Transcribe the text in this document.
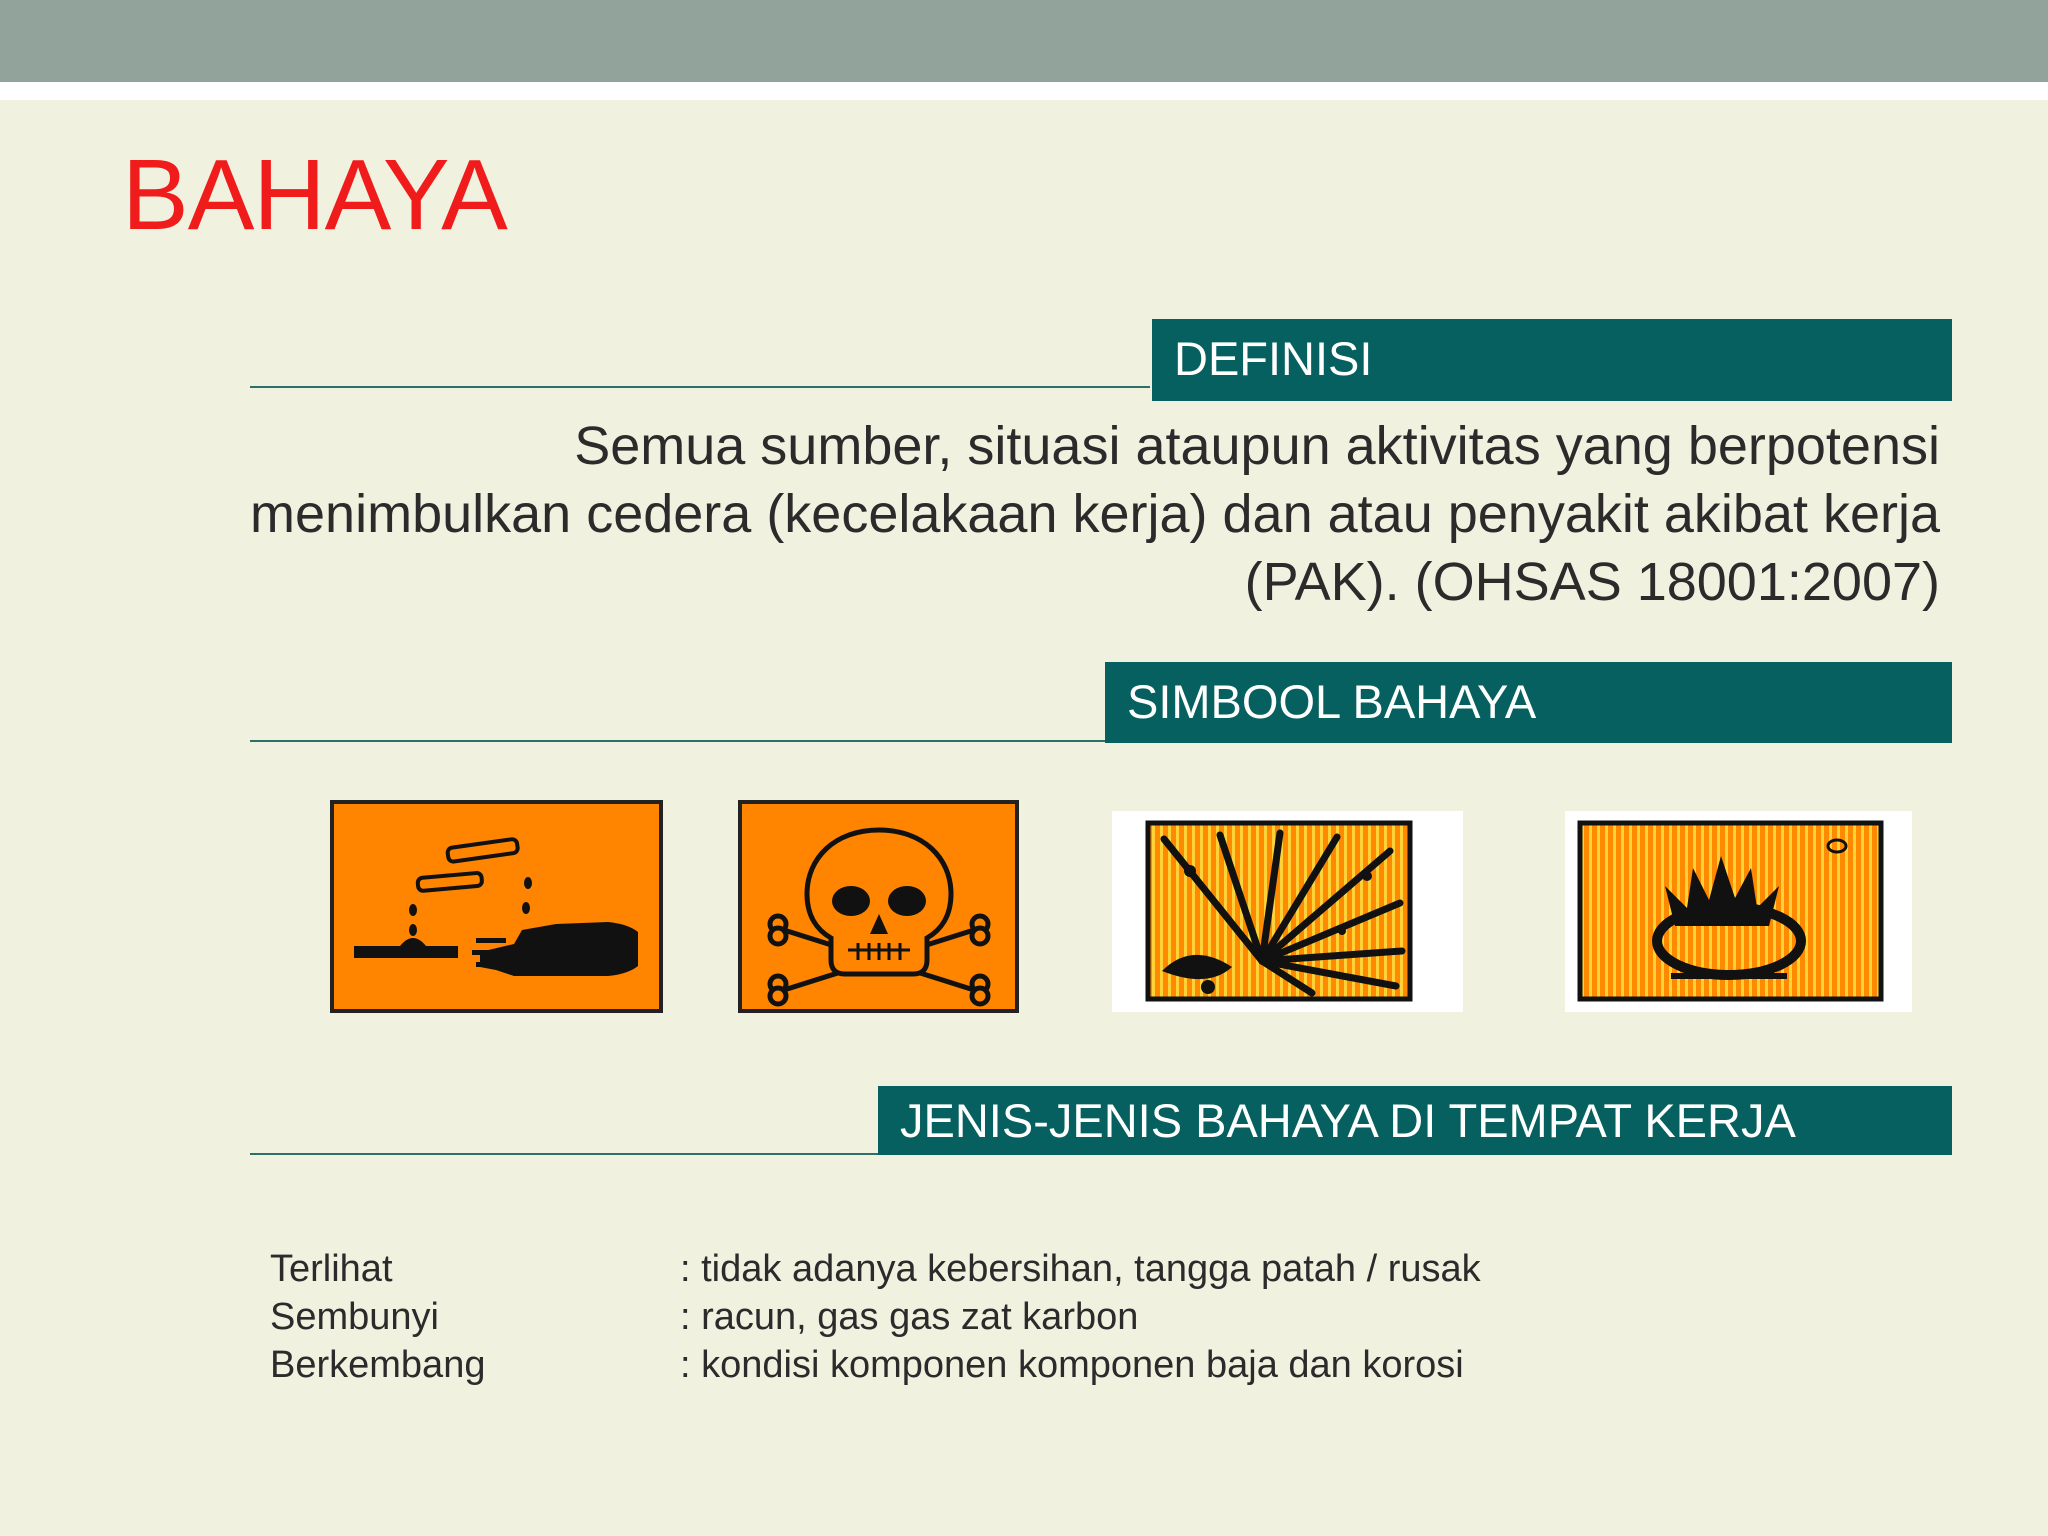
BAHAYA
DEFINISI
Semua sumber, situasi ataupun aktivitas yang berpotensi menimbulkan cedera (kecelakaan kerja) dan atau penyakit akibat kerja (PAK). (OHSAS 18001:2007)
SIMBOOL BAHAYA
JENIS-JENIS BAHAYA DI TEMPAT KERJA
Terlihat	: tidak adanya kebersihan, tangga patah / rusak
Sembunyi	: racun, gas gas zat karbon
Berkembang	: kondisi komponen komponen baja dan korosi
